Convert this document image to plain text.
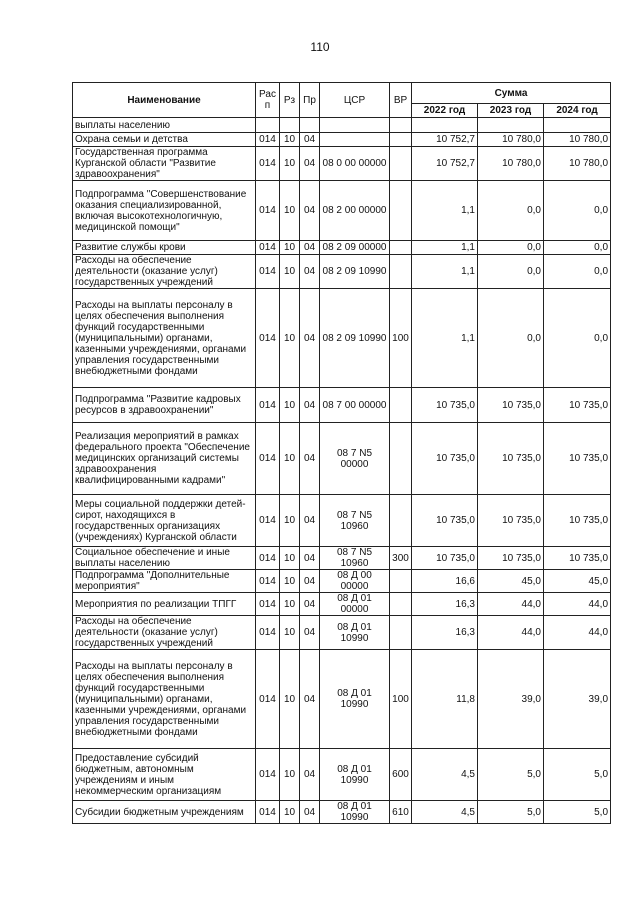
110
Наименование	Рас п	Рз	Пр	ЦСР	ВР	Сумма		
						2022 год	2023 год	2024 год
выплаты населению								
Охрана семьи и детства	014	10	04			10 752,7	10 780,0	10 780,0
Государственная программа Курганской области "Развитие здравоохранения"	014	10	04	08 0 00 00000		10 752,7	10 780,0	10 780,0
Подпрограмма "Совершенствование оказания специализированной, включая высокотехнологичную, медицинской помощи"	014	10	04	08 2 00 00000		1,1	0,0	0,0
Развитие службы крови	014	10	04	08 2 09 00000		1,1	0,0	0,0
Расходы на обеспечение деятельности (оказание услуг) государственных учреждений	014	10	04	08 2 09 10990		1,1	0,0	0,0
Расходы на выплаты персоналу в целях обеспечения выполнения функций государственными (муниципальными) органами, казенными учреждениями, органами управления государственными внебюджетными фондами	014	10	04	08 2 09 10990	100	1,1	0,0	0,0
Подпрограмма "Развитие кадровых ресурсов в здравоохранении"	014	10	04	08 7 00 00000		10 735,0	10 735,0	10 735,0
Реализация мероприятий в рамках федерального проекта "Обеспечение медицинских организаций системы здравоохранения квалифицированными кадрами"	014	10	04	08 7 N5 00000		10 735,0	10 735,0	10 735,0
Меры социальной поддержки детей-сирот, находящихся в государственных организациях (учреждениях) Курганской области	014	10	04	08 7 N5 10960		10 735,0	10 735,0	10 735,0
Социальное обеспечение и иные выплаты населению	014	10	04	08 7 N5 10960	300	10 735,0	10 735,0	10 735,0
Подпрограмма "Дополнительные мероприятия"	014	10	04	08 Д 00 00000		16,6	45,0	45,0
Мероприятия по реализации ТПГГ	014	10	04	08 Д 01 00000		16,3	44,0	44,0
Расходы на обеспечение деятельности (оказание услуг) государственных учреждений	014	10	04	08 Д 01 10990		16,3	44,0	44,0
Расходы на выплаты персоналу в целях обеспечения выполнения функций государственными (муниципальными) органами, казенными учреждениями, органами управления государственными внебюджетными фондами	014	10	04	08 Д 01 10990	100	11,8	39,0	39,0
Предоставление субсидий бюджетным, автономным учреждениям и иным некоммерческим организациям	014	10	04	08 Д 01 10990	600	4,5	5,0	5,0
Субсидии бюджетным учреждениям	014	10	04	08 Д 01 10990	610	4,5	5,0	5,0
